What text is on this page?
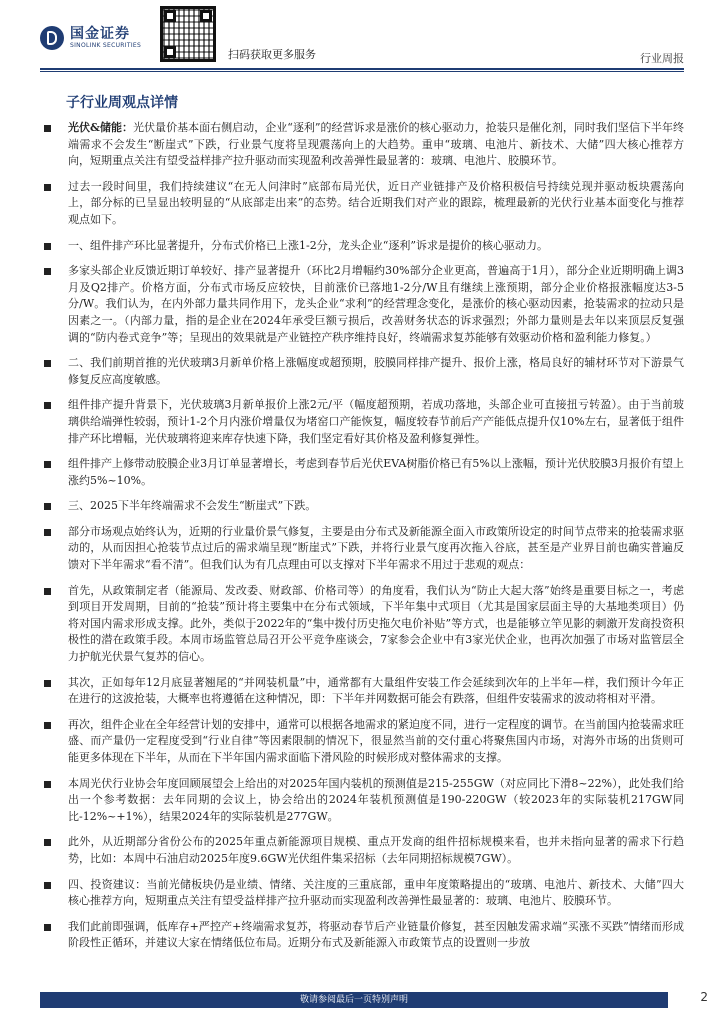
国金证券
SINOLINK SECURITIES
扫码获取更多服务	行业周报
子行业周观点详情
光伏&储能：光伏量价基本面右侧启动，企业“逐利”的经营诉求是涨价的核心驱动力，抢装只是催化剂，同时我们坚信下半年终端需求不会发生“断崖式”下跌，行业景气度将呈现震荡向上的大趋势。重申“玻璃、电池片、新技术、大储”四大核心推荐方向，短期重点关注有望受益样排产拉升驱动而实现盈利改善弹性最显著的：玻璃、电池片、胶膜环节。
过去一段时间里，我们持续建议“在无人问津时”底部布局光伏，近日产业链排产及价格积极信号持续兑现并驱动板块震荡向上，部分标的已呈显出较明显的“从底部走出来”的态势。结合近期我们对产业的跟踪，梳理最新的光伏行业基本面变化与推荐观点如下。
一、组件排产环比显著提升，分布式价格已上涨1-2分，龙头企业“逐利”诉求是提价的核心驱动力。
多家头部企业反馈近期订单较好、排产显著提升（环比2月增幅约30%部分企业更高，普遍高于1月），部分企业近期明确上调3月及Q2排产。价格方面，分布式市场反应较快，目前涨价已落地1-2分/W且有继续上涨预期，部分企业价格报涨幅度达3-5分/W。我们认为，在内外部力量共同作用下，龙头企业“求利”的经营理念变化，是涨价的核心驱动因素，抢装需求的拉动只是因素之一。（内部力量，指的是企业在2024年承受巨额亏损后，改善财务状态的诉求强烈；外部力量则是去年以来顶层反复强调的“防内卷式竞争”等；呈现出的效果就是产业链控产秩序维持良好，终端需求复苏能够有效驱动价格和盈利能力修复。）
二、我们前期首推的光伏玻璃3月新单价格上涨幅度或超预期，胶膜同样排产提升、报价上涨，格局良好的辅材环节对下游景气修复反应高度敏感。
组件排产提升背景下，光伏玻璃3月新单报价上涨2元/平（幅度超预期，若成功落地，头部企业可直接扭亏转盈）。由于当前玻璃供给端弹性较弱，预计1-2个月内涨价增量仅为堵窑口产能恢复，幅度较春节前后产产能低点提升仅10%左右，显著低于组件排产环比增幅，光伏玻璃将迎来库存快速下降，我们坚定看好其价格及盈利修复弹性。
组件排产上修带动胶膜企业3月订单显著增长，考虑到春节后光伏EVA树脂价格已有5%以上涨幅，预计光伏胶膜3月报价有望上涨约5%~10%。
三、2025下半年终端需求不会发生“断崖式”下跌。
部分市场观点始终认为，近期的行业量价景气修复，主要是由分布式及新能源全面入市政策所设定的时间节点带来的抢装需求驱动的，从而因担心抢装节点过后的需求端呈现“断崖式”下跌，并将行业景气度再次拖入谷底，甚至是产业界目前也确实普遍反馈对下半年需求“看不清”。但我们认为有几点理由可以支撑对下半年需求不用过于悲观的观点：
首先，从政策制定者（能源局、发改委、财政部、价格司等）的角度看，我们认为“防止大起大落”始终是重要目标之一，考虑到项目开发周期，目前的“抢装”预计将主要集中在分布式领域，下半年集中式项目（尤其是国家层面主导的大基地类项目）仍将对国内需求形成支撑。此外，类似于2022年的“集中拨付历史拖欠电价补贴”等方式，也是能够立竿见影的刺激开发商投资积极性的潜在政策手段。本周市场监管总局召开公平竞争座谈会，7家参会企业中有3家光伏企业，也再次加强了市场对监管层全力护航光伏景气复苏的信心。
其次，正如每年12月底显著翘尾的“并网装机量”中，通常都有大量组件安装工作会延续到次年的上半年—样，我们预计今年正在进行的这波抢装，大概率也将遵循在这种情况，即：下半年并网数据可能会有跌落，但组件安装需求的波动将相对平滑。
再次，组件企业在全年经营计划的安排中，通常可以根据各地需求的紧迫度不同，进行一定程度的调节。在当前国内抢装需求旺盛、而产量仍一定程度受到“行业自律”等因素限制的情况下，很显然当前的交付重心将聚焦国内市场，对海外市场的出货则可能更多体现在下半年，从而在下半年国内需求面临下滑风险的时候形成对整体需求的支撑。
本周光伏行业协会年度回顾展望会上给出的对2025年国内装机的预测值是215-255GW（对应同比下滑8~22%），此处我们给出一个参考数据：去年同期的会议上，协会给出的2024年装机预测值是190-220GW（较2023年的实际装机217GW同比-12%~+1%），结果2024年的实际装机是277GW。
此外，从近期部分省份公布的2025年重点新能源项目规模、重点开发商的组件招标规模来看，也并未指向显著的需求下行趋势，比如：本周中石油启动2025年度9.6GW光伏组件集采招标（去年同期招标规模7GW）。
四、投资建议：当前光储板块仍是业绩、情绪、关注度的三重底部，重申年度策略提出的“玻璃、电池片、新技术、大储”四大核心推荐方向，短期重点关注有望受益样排产拉升驱动而实现盈利改善弹性最显著的：玻璃、电池片、胶膜环节。
我们此前即强调，低库存+严控产+终端需求复苏，将驱动春节后产业链量价修复，甚至因触发需求端“买涨不买跌”情绪而形成阶段性正循环，并建议大家在情绪低位布局。近期分布式及新能源入市政策节点的设置则一步放
敬请参阅最后一页特别声明	2
